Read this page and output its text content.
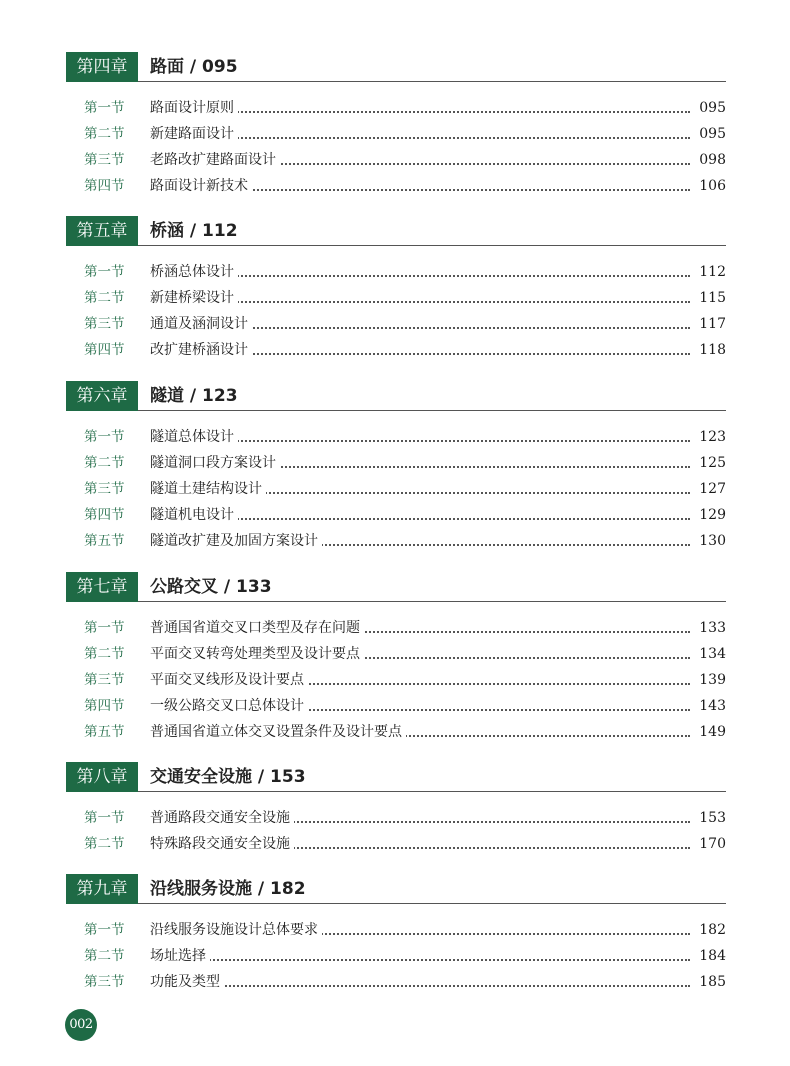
第四章	路面 / 095
第一节 路面设计原则	095
第二节 新建路面设计	095
第三节 老路改扩建路面设计	098
第四节 路面设计新技术	106
第五章	桥涵 / 112
第一节 桥涵总体设计	112
第二节 新建桥梁设计	115
第三节 通道及涵洞设计	117
第四节 改扩建桥涵设计	118
第六章	隧道 / 123
第一节 隧道总体设计	123
第二节 隧道洞口段方案设计	125
第三节 隧道土建结构设计	127
第四节 隧道机电设计	129
第五节 隧道改扩建及加固方案设计	130
第七章	公路交叉 / 133
第一节 普通国省道交叉口类型及存在问题	133
第二节 平面交叉转弯处理类型及设计要点	134
第三节 平面交叉线形及设计要点	139
第四节 一级公路交叉口总体设计	143
第五节 普通国省道立体交叉设置条件及设计要点	149
第八章	交通安全设施 / 153
第一节 普通路段交通安全设施	153
第二节 特殊路段交通安全设施	170
第九章	沿线服务设施 / 182
第一节 沿线服务设施设计总体要求	182
第二节 场址选择	184
第三节 功能及类型	185
002
